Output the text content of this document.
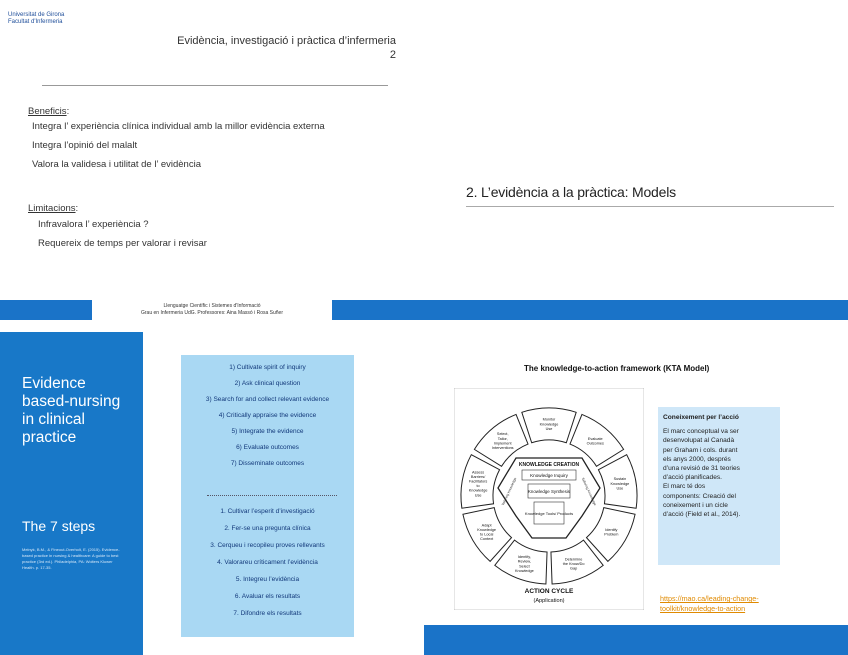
Universitat de Girona
Facultat d'Infermeria
Evidència, investigació i pràctica d’infermeria
2
Beneficis:
Integra l’ experiència clínica individual amb la millor evidència externa
Integra l’opinió del malalt
Valora la validesa i utilitat de l’ evidència
Limitacions:
Infravalora l’ experiència ?
Requereix de temps per valorar i revisar
2. L’evidència a la pràctica: Models
Llenguatge Científic i Sistemes d'Informació
Grau en Infermeria UdG. Professores: Aina Massó i Rosa Suñer
Evidence
based-nursing
in clinical
practice
The 7 steps
Melnyk, B.M., & Fineout-Overholt, E. (2015). Evidence-
based practice in nursing & healthcare: A guide to best
practice (3rd ed.). Philadelphia, PA: Wolters Kluwer
Health. p. 17-35.
1) Cultivate spirit of inquiry
2) Ask clinical question
3) Search for and collect relevant evidence
4) Critically appraise the evidence
5) Integrate the evidence
6) Evaluate outcomes
7) Disseminate outcomes
1. Cultivar l’esperit d’investigació
2. Fer-se una pregunta clínica
3. Cerqueu i recopileu proves rellevants
4. Valorareu críticament l’evidència
5. Integreu l’evidència
6. Avaluar els resultats
7. Difondre els resultats
The knowledge-to-action framework (KTA Model)
Select, Tailor, Implement Interventions
Monitor Knowledge Use
Evaluate Outcomes
Sustain Knowledge Use
Identify Problem
Determine the Know/Do Gap
Identify, Review, Select Knowledge
Adapt Knowledge to Local Context
Assess Barriers/ Facilitators to Knowledge Use
KNOWLEDGE CREATION
Knowledge Inquiry
Knowledge Synthesis
Knowledge Tools/ Products
Tailoring Knowledge	Tailoring Knowledge
ACTION CYCLE
(Application)
Coneixement per l’acció
El marc conceptual va ser
desenvolupat al Canadà
per Graham i cols. durant
els anys 2000, després
d’una revisió de 31 teories
d’acció planificades.
El marc té dos
components: Creació del
coneixement i un cicle
d’acció (Field et al., 2014).
https://mao.ca/leading-change-
toolkit/knowledge-to-action
